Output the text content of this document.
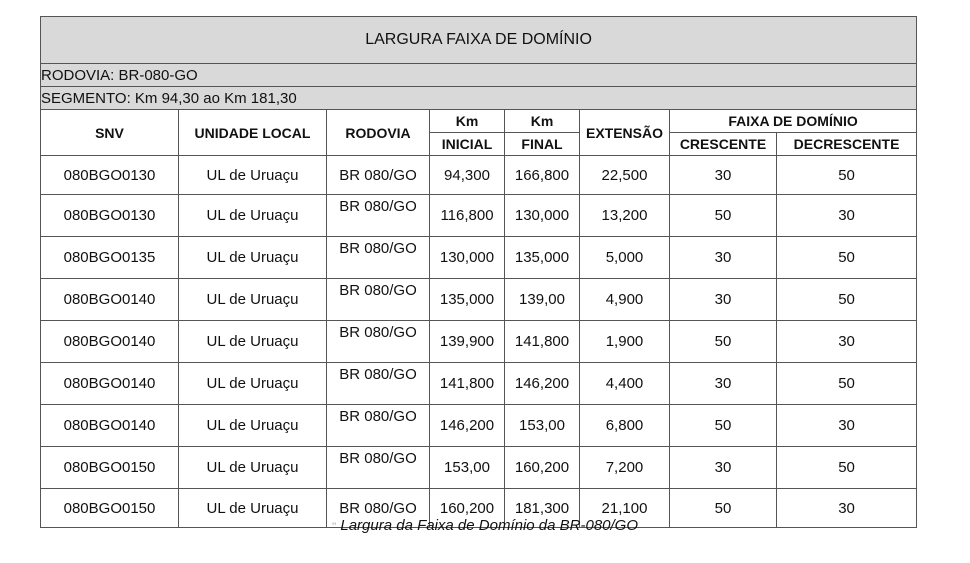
LARGURA FAIXA DE DOMÍNIO							
RODOVIA: BR-080-GO							
SEGMENTO: Km 94,30 ao Km 181,30							
SNV	UNIDADE LOCAL	RODOVIA	Km	Km	EXTENSÃO	FAIXA DE DOMÍNIO	
			INICIAL	FINAL		CRESCENTE	DECRESCENTE
080BGO0130	UL de Uruaçu	BR 080/GO	94,300	166,800	22,500	30	50
080BGO0130	UL de Uruaçu	BR 080/GO	116,800	130,000	13,200	50	30
080BGO0135	UL de Uruaçu	BR 080/GO	130,000	135,000	5,000	30	50
080BGO0140	UL de Uruaçu	BR 080/GO	135,000	139,00	4,900	30	50
080BGO0140	UL de Uruaçu	BR 080/GO	139,900	141,800	1,900	50	30
080BGO0140	UL de Uruaçu	BR 080/GO	141,800	146,200	4,400	30	50
080BGO0140	UL de Uruaçu	BR 080/GO	146,200	153,00	6,800	50	30
080BGO0150	UL de Uruaçu	BR 080/GO	153,00	160,200	7,200	30	50
080BGO0150	UL de Uruaçu	BR 080/GO	160,200	181,300	21,100	50	30
'' Largura da Faixa de Domínio da BR-080/GO
